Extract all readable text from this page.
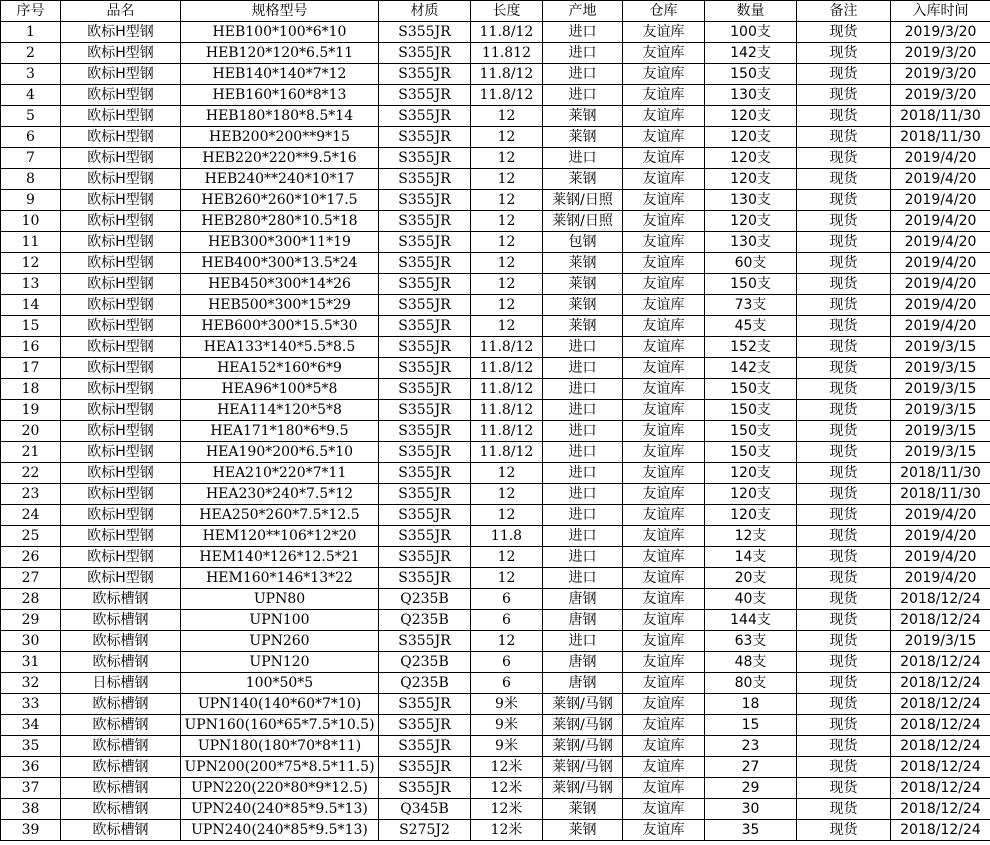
序号	品名	规格型号	材质	长度	产地	仓库	数量	备注	入库时间
1	欧标H型钢	HEB100*100*6*10	S355JR	11.8/12	进口	友谊库	100支	现货	2019/3/20
2	欧标H型钢	HEB120*120*6.5*11	S355JR	11.812	进口	友谊库	142支	现货	2019/3/20
3	欧标H型钢	HEB140*140*7*12	S355JR	11.8/12	进口	友谊库	150支	现货	2019/3/20
4	欧标H型钢	HEB160*160*8*13	S355JR	11.8/12	进口	友谊库	130支	现货	2019/3/20
5	欧标H型钢	HEB180*180*8.5*14	S355JR	12	莱钢	友谊库	120支	现货	2018/11/30
6	欧标H型钢	HEB200*200**9*15	S355JR	12	莱钢	友谊库	120支	现货	2018/11/30
7	欧标H型钢	HEB220*220**9.5*16	S355JR	12	进口	友谊库	120支	现货	2019/4/20
8	欧标H型钢	HEB240**240*10*17	S355JR	12	莱钢	友谊库	120支	现货	2019/4/20
9	欧标H型钢	HEB260*260*10*17.5	S355JR	12	莱钢/日照	友谊库	130支	现货	2019/4/20
10	欧标H型钢	HEB280*280*10.5*18	S355JR	12	莱钢/日照	友谊库	120支	现货	2019/4/20
11	欧标H型钢	HEB300*300*11*19	S355JR	12	包钢	友谊库	130支	现货	2019/4/20
12	欧标H型钢	HEB400*300*13.5*24	S355JR	12	莱钢	友谊库	60支	现货	2019/4/20
13	欧标H型钢	HEB450*300*14*26	S355JR	12	莱钢	友谊库	150支	现货	2019/4/20
14	欧标H型钢	HEB500*300*15*29	S355JR	12	莱钢	友谊库	73支	现货	2019/4/20
15	欧标H型钢	HEB600*300*15.5*30	S355JR	12	莱钢	友谊库	45支	现货	2019/4/20
16	欧标H型钢	HEA133*140*5.5*8.5	S355JR	11.8/12	进口	友谊库	152支	现货	2019/3/15
17	欧标H型钢	HEA152*160*6*9	S355JR	11.8/12	进口	友谊库	142支	现货	2019/3/15
18	欧标H型钢	HEA96*100*5*8	S355JR	11.8/12	进口	友谊库	150支	现货	2019/3/15
19	欧标H型钢	HEA114*120*5*8	S355JR	11.8/12	进口	友谊库	150支	现货	2019/3/15
20	欧标H型钢	HEA171*180*6*9.5	S355JR	11.8/12	进口	友谊库	150支	现货	2019/3/15
21	欧标H型钢	HEA190*200*6.5*10	S355JR	11.8/12	进口	友谊库	150支	现货	2019/3/15
22	欧标H型钢	HEA210*220*7*11	S355JR	12	进口	友谊库	120支	现货	2018/11/30
23	欧标H型钢	HEA230*240*7.5*12	S355JR	12	进口	友谊库	120支	现货	2018/11/30
24	欧标H型钢	HEA250*260*7.5*12.5	S355JR	12	进口	友谊库	120支	现货	2019/4/20
25	欧标H型钢	HEM120**106*12*20	S355JR	11.8	进口	友谊库	12支	现货	2019/4/20
26	欧标H型钢	HEM140*126*12.5*21	S355JR	12	进口	友谊库	14支	现货	2019/4/20
27	欧标H型钢	HEM160*146*13*22	S355JR	12	进口	友谊库	20支	现货	2019/4/20
28	欧标槽钢	UPN80	Q235B	6	唐钢	友谊库	40支	现货	2018/12/24
29	欧标槽钢	UPN100	Q235B	6	唐钢	友谊库	144支	现货	2018/12/24
30	欧标槽钢	UPN260	S355JR	12	进口	友谊库	63支	现货	2019/3/15
31	欧标槽钢	UPN120	Q235B	6	唐钢	友谊库	48支	现货	2018/12/24
32	日标槽钢	100*50*5	Q235B	6	唐钢	友谊库	80支	现货	2018/12/24
33	欧标槽钢	UPN140(140*60*7*10)	S355JR	9米	莱钢/马钢	友谊库	18	现货	2018/12/24
34	欧标槽钢	UPN160(160*65*7.5*10.5)	S355JR	9米	莱钢/马钢	友谊库	15	现货	2018/12/24
35	欧标槽钢	UPN180(180*70*8*11)	S355JR	9米	莱钢/马钢	友谊库	23	现货	2018/12/24
36	欧标槽钢	UPN200(200*75*8.5*11.5)	S355JR	12米	莱钢/马钢	友谊库	27	现货	2018/12/24
37	欧标槽钢	UPN220(220*80*9*12.5)	S355JR	12米	莱钢/马钢	友谊库	29	现货	2018/12/24
38	欧标槽钢	UPN240(240*85*9.5*13)	Q345B	12米	莱钢	友谊库	30	现货	2018/12/24
39	欧标槽钢	UPN240(240*85*9.5*13)	S275J2	12米	莱钢	友谊库	35	现货	2018/12/24
